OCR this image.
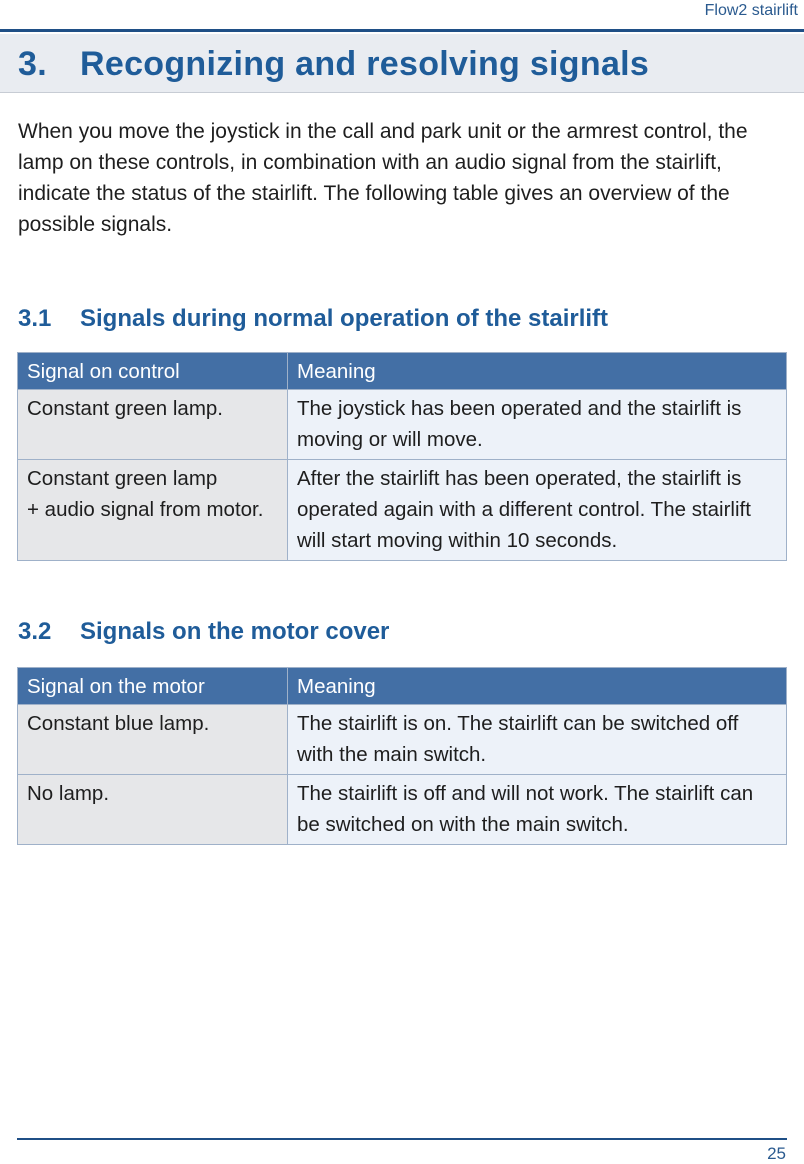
Flow2 stairlift
3. Recognizing and resolving signals

When you move the joystick in the call and park unit or the armrest control, the lamp on these controls, in combination with an audio signal from the stairlift, indicate the status of the stairlift. The following table gives an overview of the possible signals.

3.1 Signals during normal operation of the stairlift
Signal on control	Meaning
Constant green lamp.	The joystick has been operated and the stairlift is moving or will move.

Constant green lamp
+ audio signal from motor.	After the stairlift has been operated, the stairlift is operated again with a different control. The stairlift will start moving within 10 seconds.
3.2 Signals on the motor cover
Signal on the motor	Meaning
Constant blue lamp.	The stairlift is on. The stairlift can be switched off with the main switch.
No lamp.	The stairlift is off and will not work. The stairlift can be switched on with the main switch.
25
